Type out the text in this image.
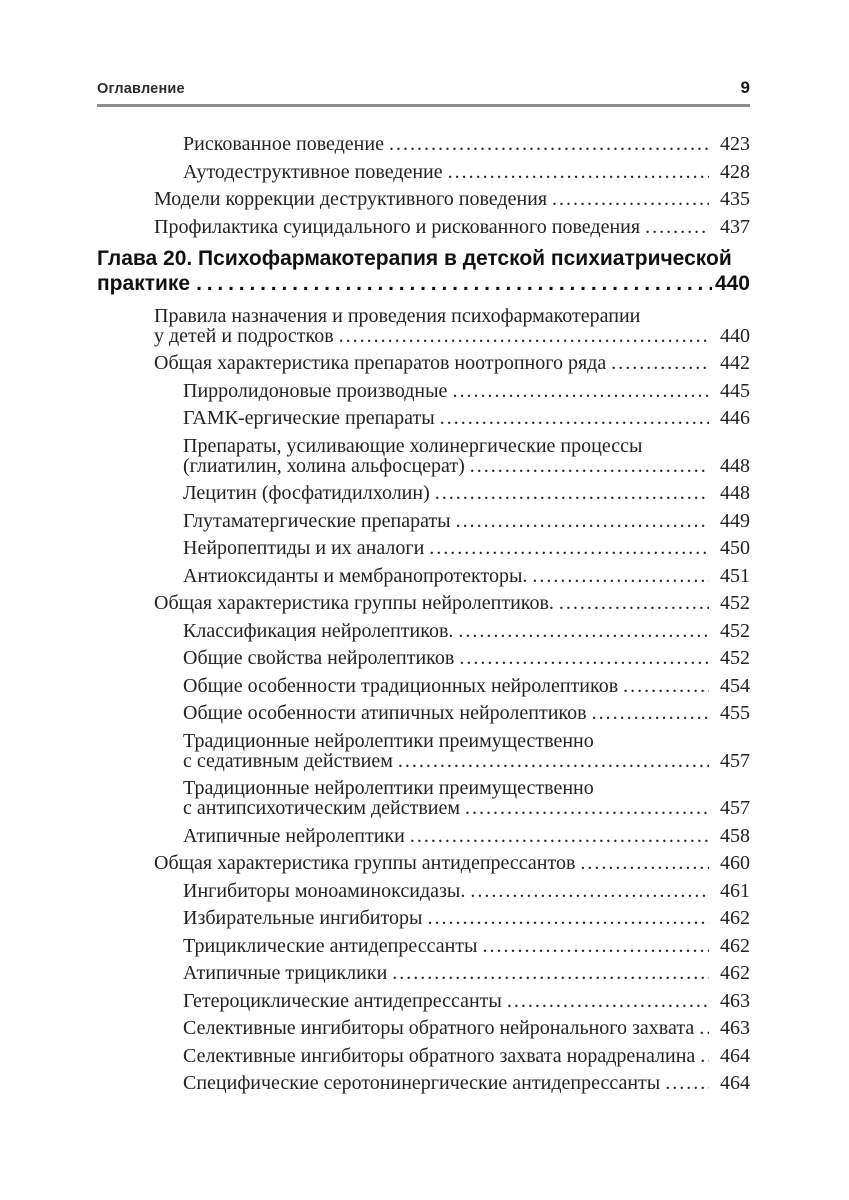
Оглавление	9
Рискованное поведение . . .	423
Аутодеструктивное поведение . . .	428
Модели коррекции деструктивного поведения . . .	435
Профилактика суицидального и рискованного поведения . . .	437
Глава 20. Психофармакотерапия в детской психиатрической
практике . . .	440
Правила назначения и проведения психофармакотерапии
у детей и подростков . . .	440
Общая характеристика препаратов ноотропного ряда . . .	442
Пирролидоновые производные . . .	445
ГАМК-ергические препараты . . .	446
Препараты, усиливающие холинергические процессы
(глиатилин, холина альфосцерат) . . .	448
Лецитин (фосфатидилхолин) . . .	448
Глутаматергические препараты . . .	449
Нейропептиды и их аналоги . . .	450
Антиоксиданты и мембранопротекторы. . . .	451
Общая характеристика группы нейролептиков. . . .	452
Классификация нейролептиков. . . .	452
Общие свойства нейролептиков . . .	452
Общие особенности традиционных нейролептиков . . .	454
Общие особенности атипичных нейролептиков . . .	455
Традиционные нейролептики преимущественно
с седативным действием . . .	457
Традиционные нейролептики преимущественно
с антипсихотическим действием . . .	457
Атипичные нейролептики . . .	458
Общая характеристика группы антидепрессантов . . .	460
Ингибиторы моноаминоксидазы. . . .	461
Избирательные ингибиторы . . .	462
Трициклические антидепрессанты . . .	462
Атипичные трициклики . . .	462
Гетероциклические антидепрессанты . . .	463
Селективные ингибиторы обратного нейронального захвата . . .	463
Селективные ингибиторы обратного захвата норадреналина . . .	464
Специфические серотонинергические антидепрессанты . . .	464
